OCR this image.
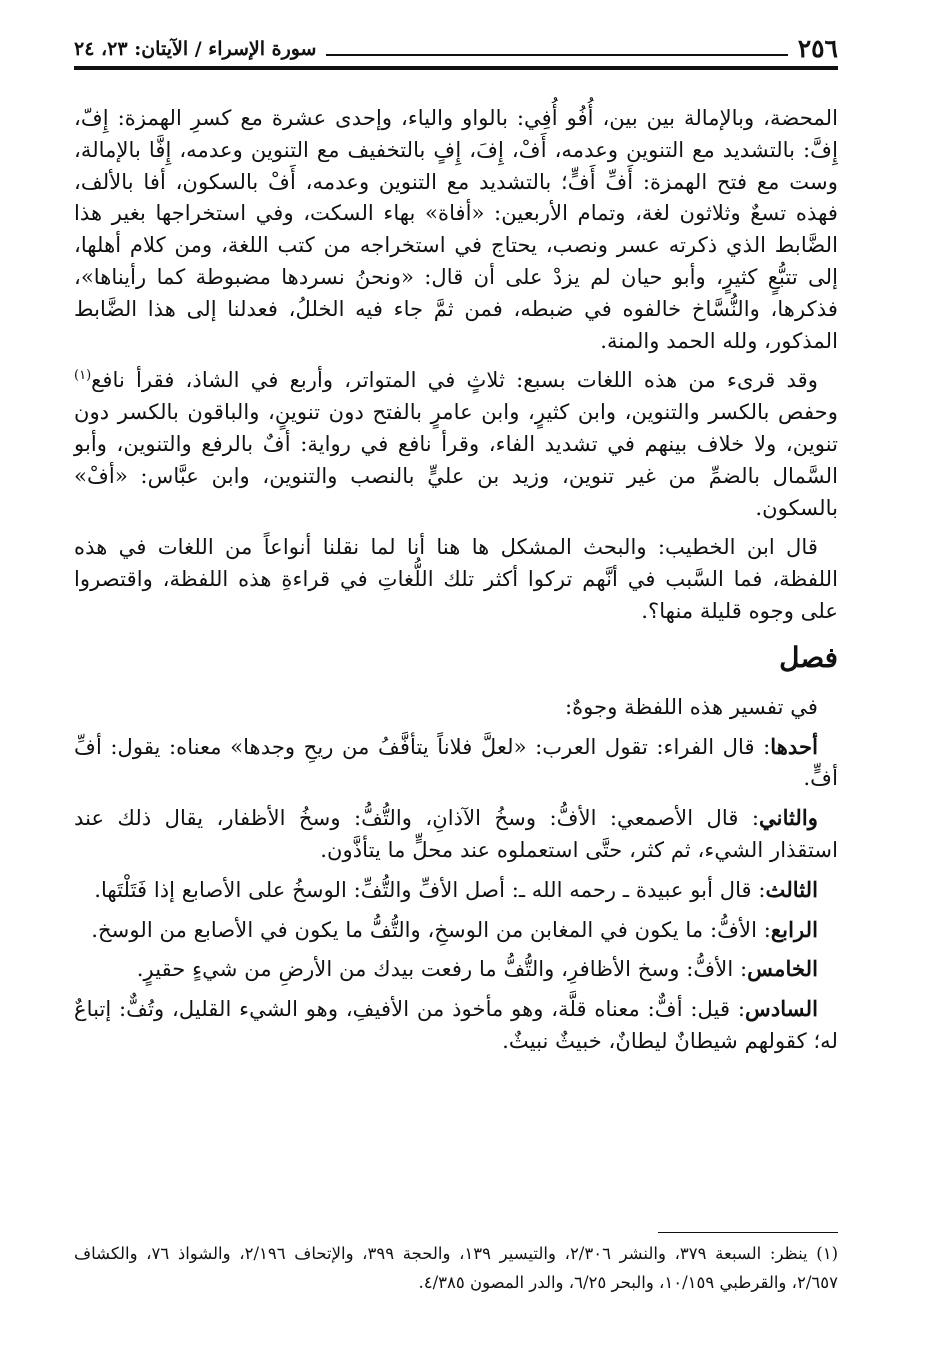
٢٥٦
سورة الإسراء / الآيتان: ٢٣، ٢٤

المحضة، وبالإمالة بين بين، أُفُو أُفِي: بالواو والياء، وإحدى عشرة مع كسرِ الهمزة: إِفّ، إِفَّ: بالتشديد مع التنوين وعدمه، أَفْ، إِفَ، إِفٍ بالتخفيف مع التنوين وعدمه، إِفَّا بالإمالة، وست مع فتح الهمزة: أَفِّ أَفٍّ؛ بالتشديد مع التنوين وعدمه، أَفْ بالسكون، أفا بالألف، فهذه تسعٌ وثلاثون لغة، وتمام الأربعين: «أفاة» بهاء السكت، وفي استخراجها بغير هذا الضَّابط الذي ذكرته عسر ونصب، يحتاج في استخراجه من كتب اللغة، ومن كلام أهلها، إلى تتبُّعٍ كثيرٍ، وأبو حيان لم يزدْ على أن قال: «ونحنُ نسردها مضبوطة كما رأيناها»، فذكرها، والنُّسَّاخ خالفوه في ضبطه، فمن ثمَّ جاء فيه الخللُ، فعدلنا إلى هذا الضَّابط المذكور، ولله الحمد والمنة.

وقد قرىء من هذه اللغات بسبع: ثلاثٍ في المتواتر، وأربع في الشاذ، فقرأ نافع$^{(١)}$ وحفص بالكسر والتنوين، وابن كثيرٍ، وابن عامرٍ بالفتح دون تنوينٍ، والباقون بالكسر دون تنوين، ولا خلاف بينهم في تشديد الفاء، وقرأ نافع في رواية: أفٌ بالرفع والتنوين، وأبو السَّمال بالضمِّ من غير تنوين، وزيد بن عليٍّ بالنصب والتنوين، وابن عبَّاس: «أفْ» بالسكون.

قال ابن الخطيب: والبحث المشكل ها هنا أنا لما نقلنا أنواعاً من اللغات في هذه اللفظة، فما السَّبب في أنَّهم تركوا أكثر تلك اللُّغاتِ في قراءةِ هذه اللفظة، واقتصروا على وجوه قليلة منها؟.

فصل

في تفسير هذه اللفظة وجوهٌ:

أحدها: قال الفراء: تقول العرب: «لعلَّ فلاناً يتأفَّفُ من ريحِ وجدها» معناه: يقول: أفِّ أفٍّ.

والثاني: قال الأصمعي: الأفُّ: وسخُ الآذانِ، والتُّفُّ: وسخُ الأظفار، يقال ذلك عند استقذار الشيء، ثم كثر، حتَّى استعملوه عند محلٍّ ما يتأذَّون.

الثالث: قال أبو عبيدة ـ رحمه الله ـ: أصل الأفِّ والتُّفِّ: الوسخُ على الأصابع إذا فَتَلْتَها.

الرابع: الأفُّ: ما يكون في المغابن من الوسخِ، والتُّفُّ ما يكون في الأصابع من الوسخ.

الخامس: الأفُّ: وسخ الأظافرِ، والتُّفُّ ما رفعت بيدك من الأرضِ من شيءٍ حقيرٍ.

السادس: قيل: أفٌّ: معناه قلَّة، وهو مأخوذ من الأفيفِ، وهو الشيء القليل، وتُفٌّ: إتباعٌ له؛ كقولهم شيطانٌ ليطانٌ، خبيثٌ نبيثٌ.

(١) ينظر: السبعة ٣٧٩، والنشر ٢/٣٠٦، والتيسير ١٣٩، والحجة ٣٩٩، والإتحاف ٢/١٩٦، والشواذ ٧٦، والكشاف ٢/٦٥٧، والقرطبي ١٠/١٥٩، والبحر ٦/٢٥، والدر المصون ٤/٣٨٥.
